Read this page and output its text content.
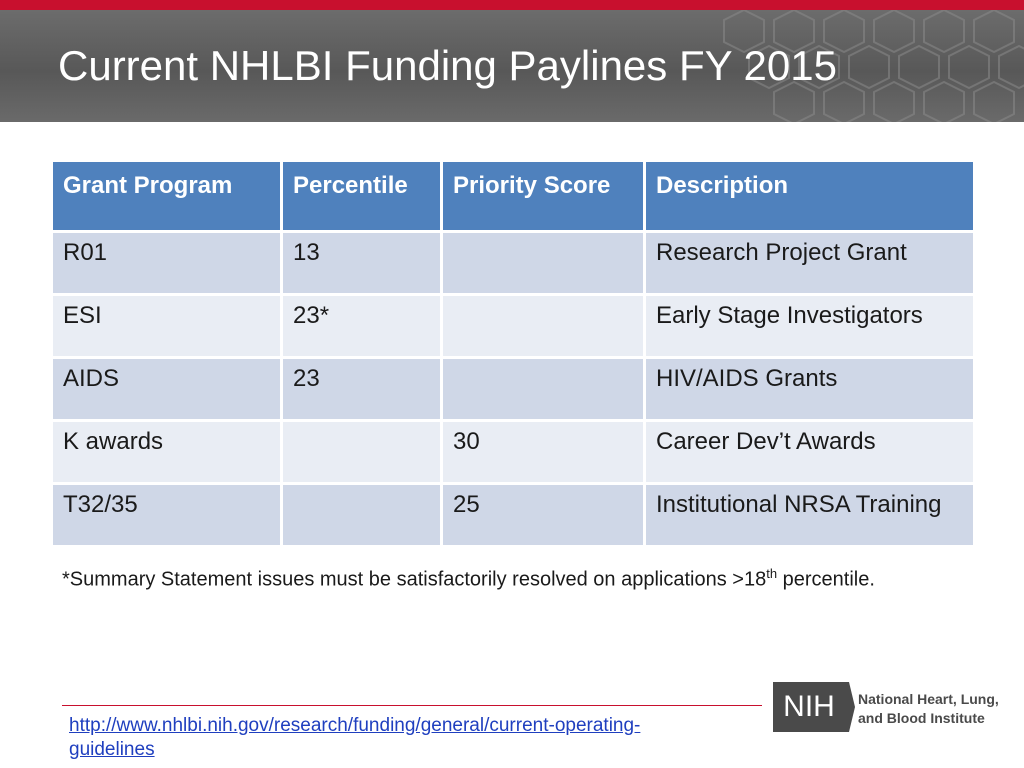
Current NHLBI Funding Paylines FY 2015
Grant Program	Percentile	Priority Score	Description
R01	13		Research Project Grant
ESI	23*		Early Stage Investigators
AIDS	23		HIV/AIDS Grants
K awards		30	Career Dev’t Awards
T32/35		25	Institutional NRSA Training
*Summary Statement issues must be satisfactorily resolved on applications >18th percentile.
http://www.nhlbi.nih.gov/research/funding/general/current-operating-guidelines
NIH	National Heart, Lung,
and Blood Institute
